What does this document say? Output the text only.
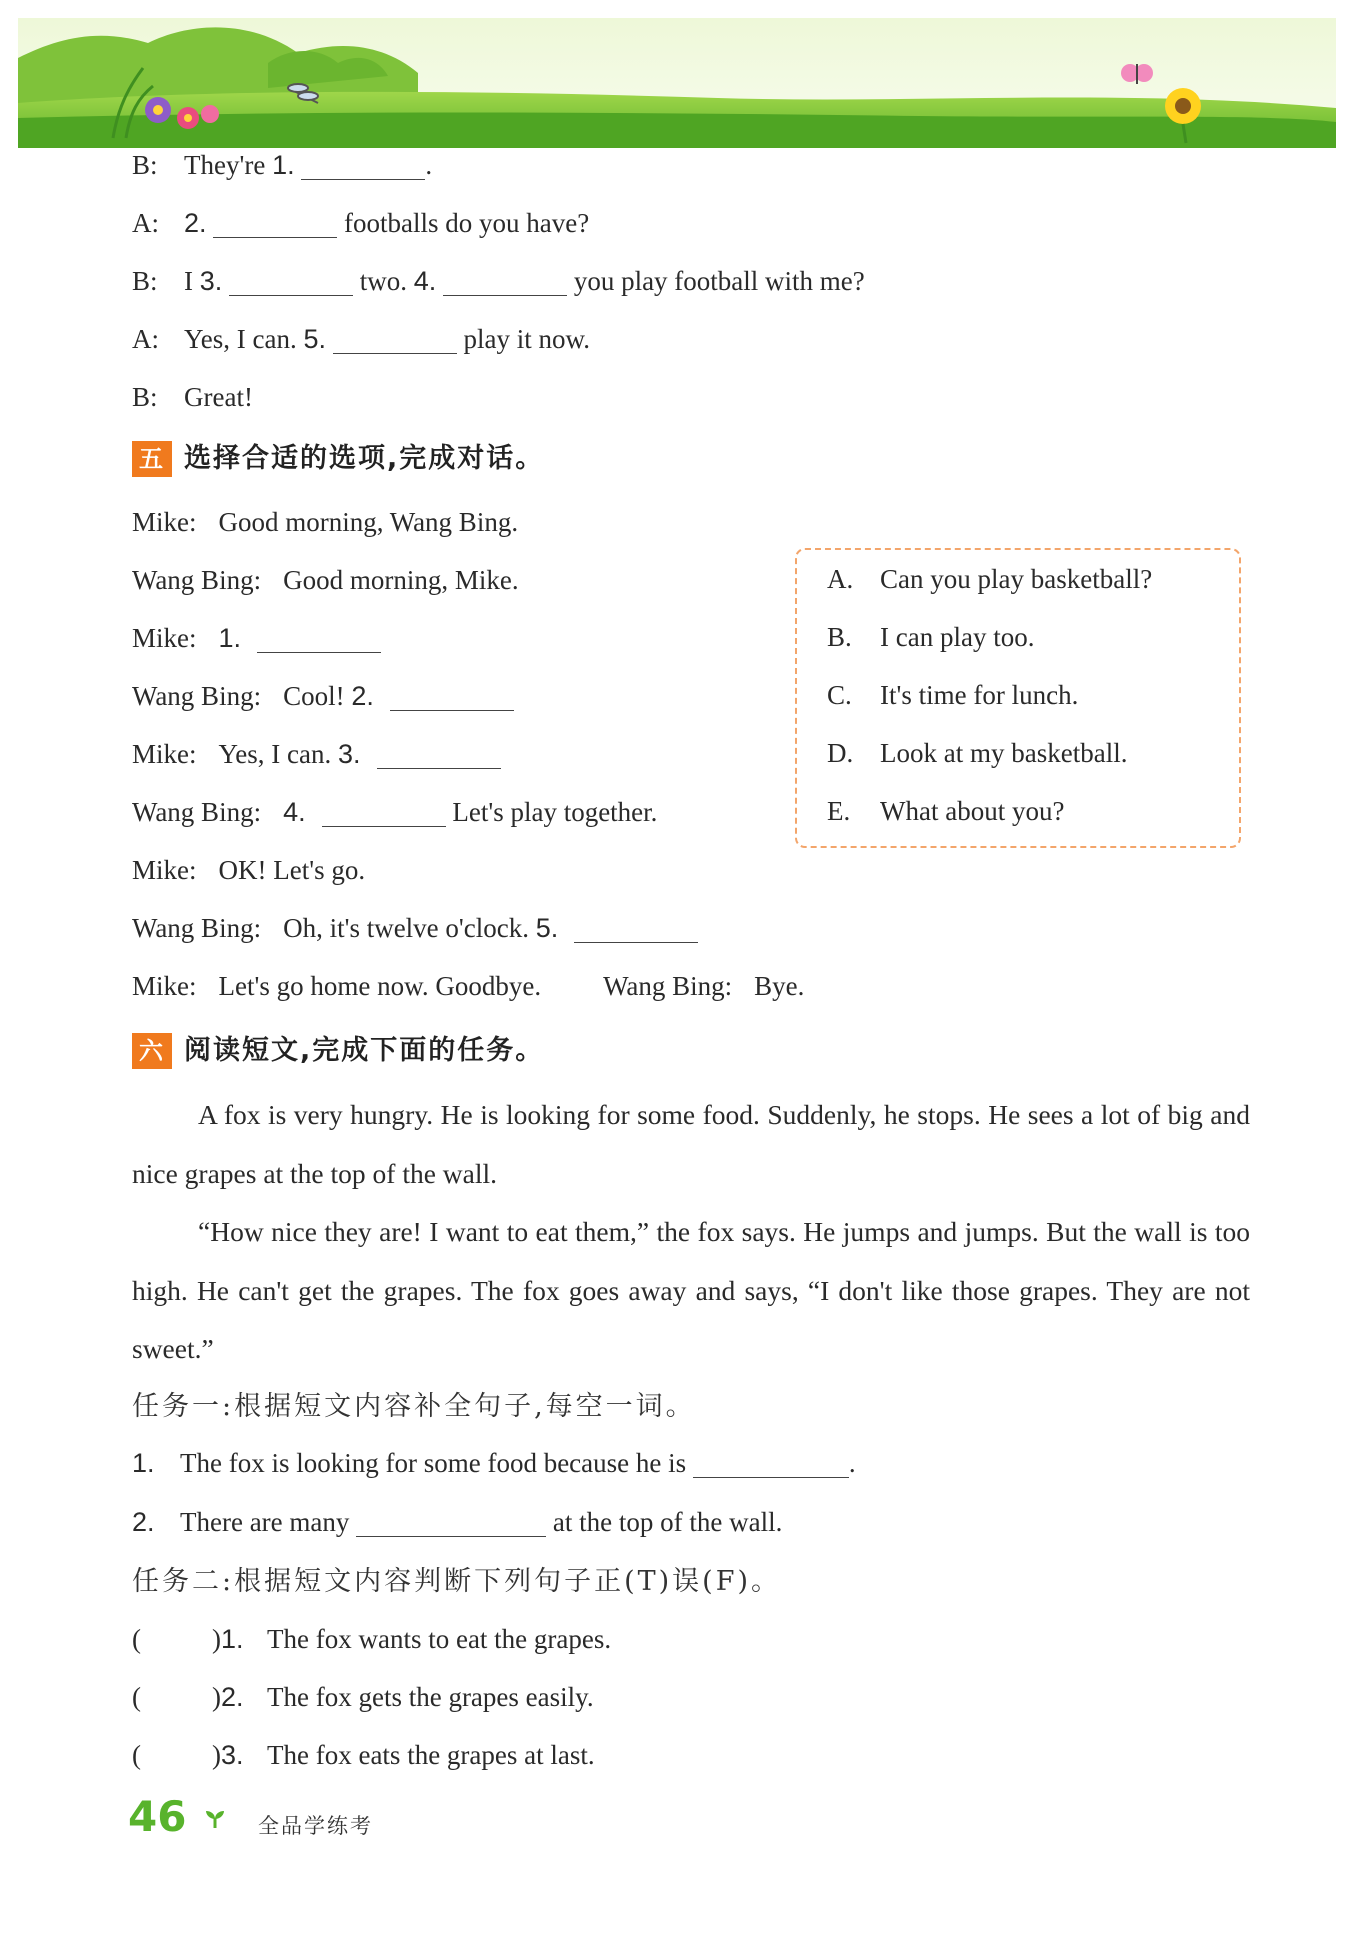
B: They're 1.	.
A: 2.	footballs do you have?
B: I 3.	two. 4.	you play football with me?
A: Yes, I can. 5.	play it now.
B: Great!
五 选择合适的选项,完成对话。
Mike: Good morning, Wang Bing.
Wang Bing: Good morning, Mike.
Mike: 1.
Wang Bing: Cool! 2.
Mike: Yes, I can. 3.
Wang Bing: 4.	Let's play together.
Mike: OK! Let's go.
Wang Bing: Oh, it's twelve o'clock. 5.
Mike: Let's go home now. Goodbye. Wang Bing: Bye.
A. Can you play basketball?
B. I can play too.
C. It's time for lunch.
D. Look at my basketball.
E. What about you?
六 阅读短文,完成下面的任务。

A fox is very hungry. He is looking for some food. Suddenly, he stops. He sees a lot of big and nice grapes at the top of the wall.

“How nice they are! I want to eat them,” the fox says. He jumps and jumps. But the wall is too high. He can't get the grapes. The fox goes away and says, “I don't like those grapes. They are not sweet.”

任务一:根据短文内容补全句子,每空一词。
1. The fox is looking for some food because he is	.
2. There are many	at the top of the wall.
任务二:根据短文内容判断下列句子正(T)误(F)。
(	)1. The fox wants to eat the grapes.
(	)2. The fox gets the grapes easily.
(	)3. The fox eats the grapes at last.
46	全品学练考
